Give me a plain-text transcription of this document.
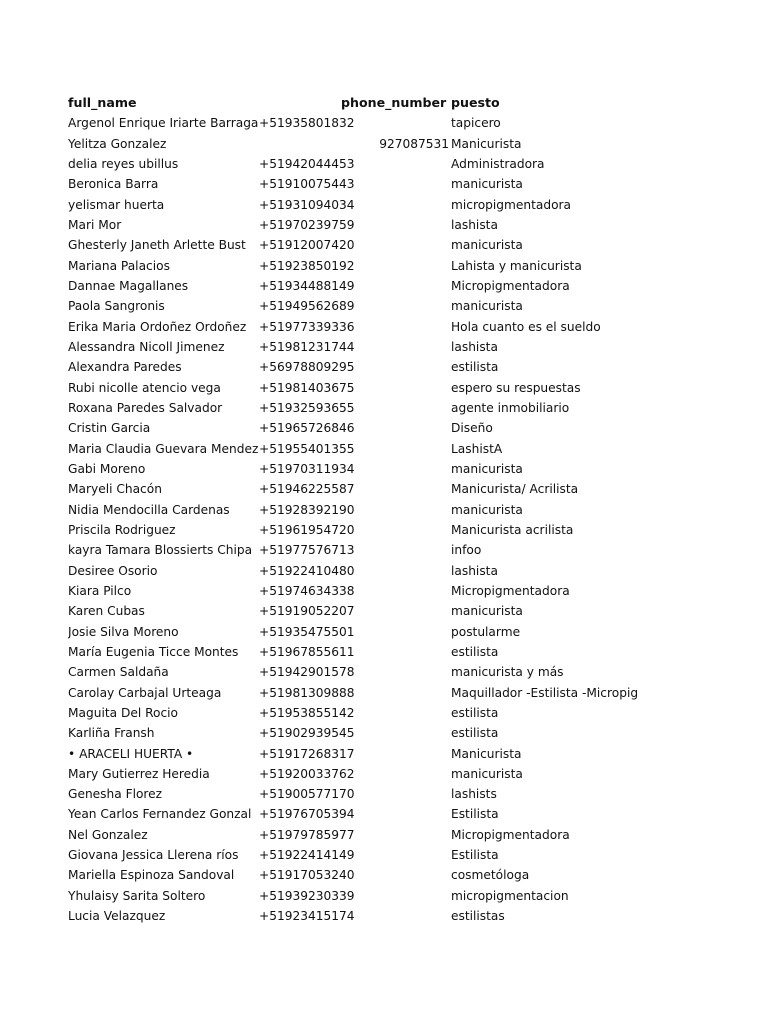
full_name	phone_number puesto
Argenol Enrique Iriarte Barraga +51935801832	tapicero
Yelitza Gonzalez	927087531 Manicurista
delia reyes ubillus	+51942044453	Administradora
Beronica Barra	+51910075443	manicurista
yelismar huerta	+51931094034	micropigmentadora
Mari Mor	+51970239759	lashista
Ghesterly Janeth Arlette Bust	+51912007420	manicurista
Mariana Palacios	+51923850192	Lahista y manicurista
Dannae Magallanes	+51934488149	Micropigmentadora
Paola Sangronis	+51949562689	manicurista
Erika Maria Ordoñez Ordoñez	+51977339336	Hola cuanto es el sueldo
Alessandra Nicoll Jimenez	+51981231744	lashista
Alexandra Paredes	+56978809295	estilista
Rubi nicolle atencio vega	+51981403675	espero su respuestas
Roxana Paredes Salvador	+51932593655	agente inmobiliario
Cristin Garcia	+51965726846	Diseño
Maria Claudia Guevara Mendez +51955401355	LashistA
Gabi Moreno	+51970311934	manicurista
Maryeli Chacón	+51946225587	Manicurista/ Acrilista
Nidia Mendocilla Cardenas	+51928392190	manicurista
Priscila Rodriguez	+51961954720	Manicurista acrilista
kayra Tamara Blossierts Chipa +51977576713	infoo
Desiree Osorio	+51922410480	lashista
Kiara Pilco	+51974634338	Micropigmentadora
Karen Cubas	+51919052207	manicurista
Josie Silva Moreno	+51935475501	postularme
María Eugenia Ticce Montes	+51967855611	estilista
Carmen Saldaña	+51942901578	manicurista y más
Carolay Carbajal Urteaga	+51981309888	Maquillador -Estilista -Micropig
Maguita Del Rocio	+51953855142	estilista
Karliña Fransh	+51902939545	estilista
• ARACELI HUERTA •	+51917268317	Manicurista
Mary Gutierrez Heredia	+51920033762	manicurista
Genesha Florez	+51900577170	lashists
Yean Carlos Fernandez Gonzal +51976705394	Estilista
Nel Gonzalez	+51979785977	Micropigmentadora
Giovana Jessica Llerena ríos	+51922414149	Estilista
Mariella Espinoza Sandoval	+51917053240	cosmetóloga
Yhulaisy Sarita Soltero	+51939230339	micropigmentacion
Lucia Velazquez	+51923415174	estilistas
